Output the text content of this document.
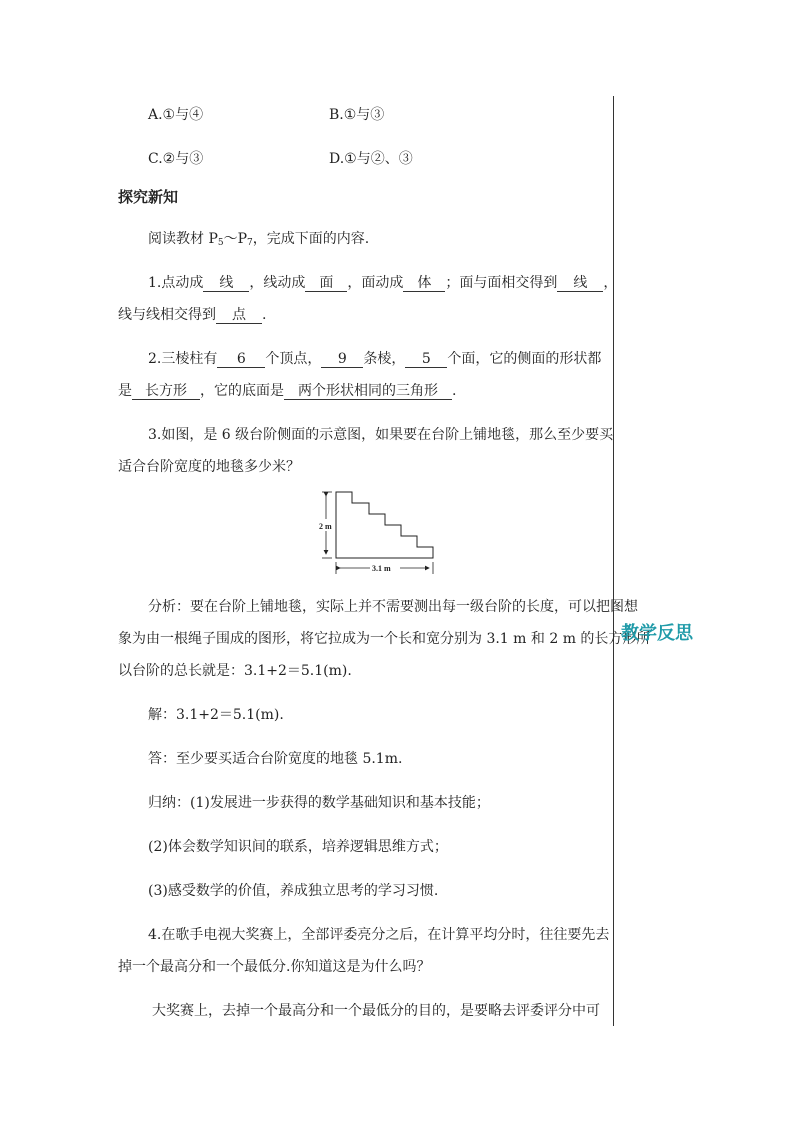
A.①与④	B.①与③
C.②与③	D.①与②、③
探究新知
阅读教材 $P_5\sim P_7$，完成下面的内容.
1.点动成 线 ，线动成 面 ，面动成 体 ；面与面相交得到 线 ，
线与线相交得到 点 .
2.三棱柱有 6 个顶点， 9 条棱， 5 个面，它的侧面的形状都
是 长方形 ，它的底面是 两个形状相同的三角形 .
3.如图，是 6 级台阶侧面的示意图，如果要在台阶上铺地毯，那么至少要买
适合台阶宽度的地毯多少米？
2 m
3.1 m
分析：要在台阶上铺地毯，实际上并不需要测出每一级台阶的长度，可以把图想
象为由一根绳子围成的图形，将它拉成为一个长和宽分别为 3.1 m 和 2 m 的长方形所
以台阶的总长就是：3.1+2＝5.1(m).
解：3.1+2＝5.1(m).
答：至少要买适合台阶宽度的地毯 5.1m.
归纳：(1)发展进一步获得的数学基础知识和基本技能；
(2)体会数学知识间的联系，培养逻辑思维方式；
(3)感受数学的价值，养成独立思考的学习习惯.
4.在歌手电视大奖赛上，全部评委亮分之后，在计算平均分时，往往要先去
掉一个最高分和一个最低分.你知道这是为什么吗？
大奖赛上，去掉一个最高分和一个最低分的目的，是要略去评委评分中可
教学反思
